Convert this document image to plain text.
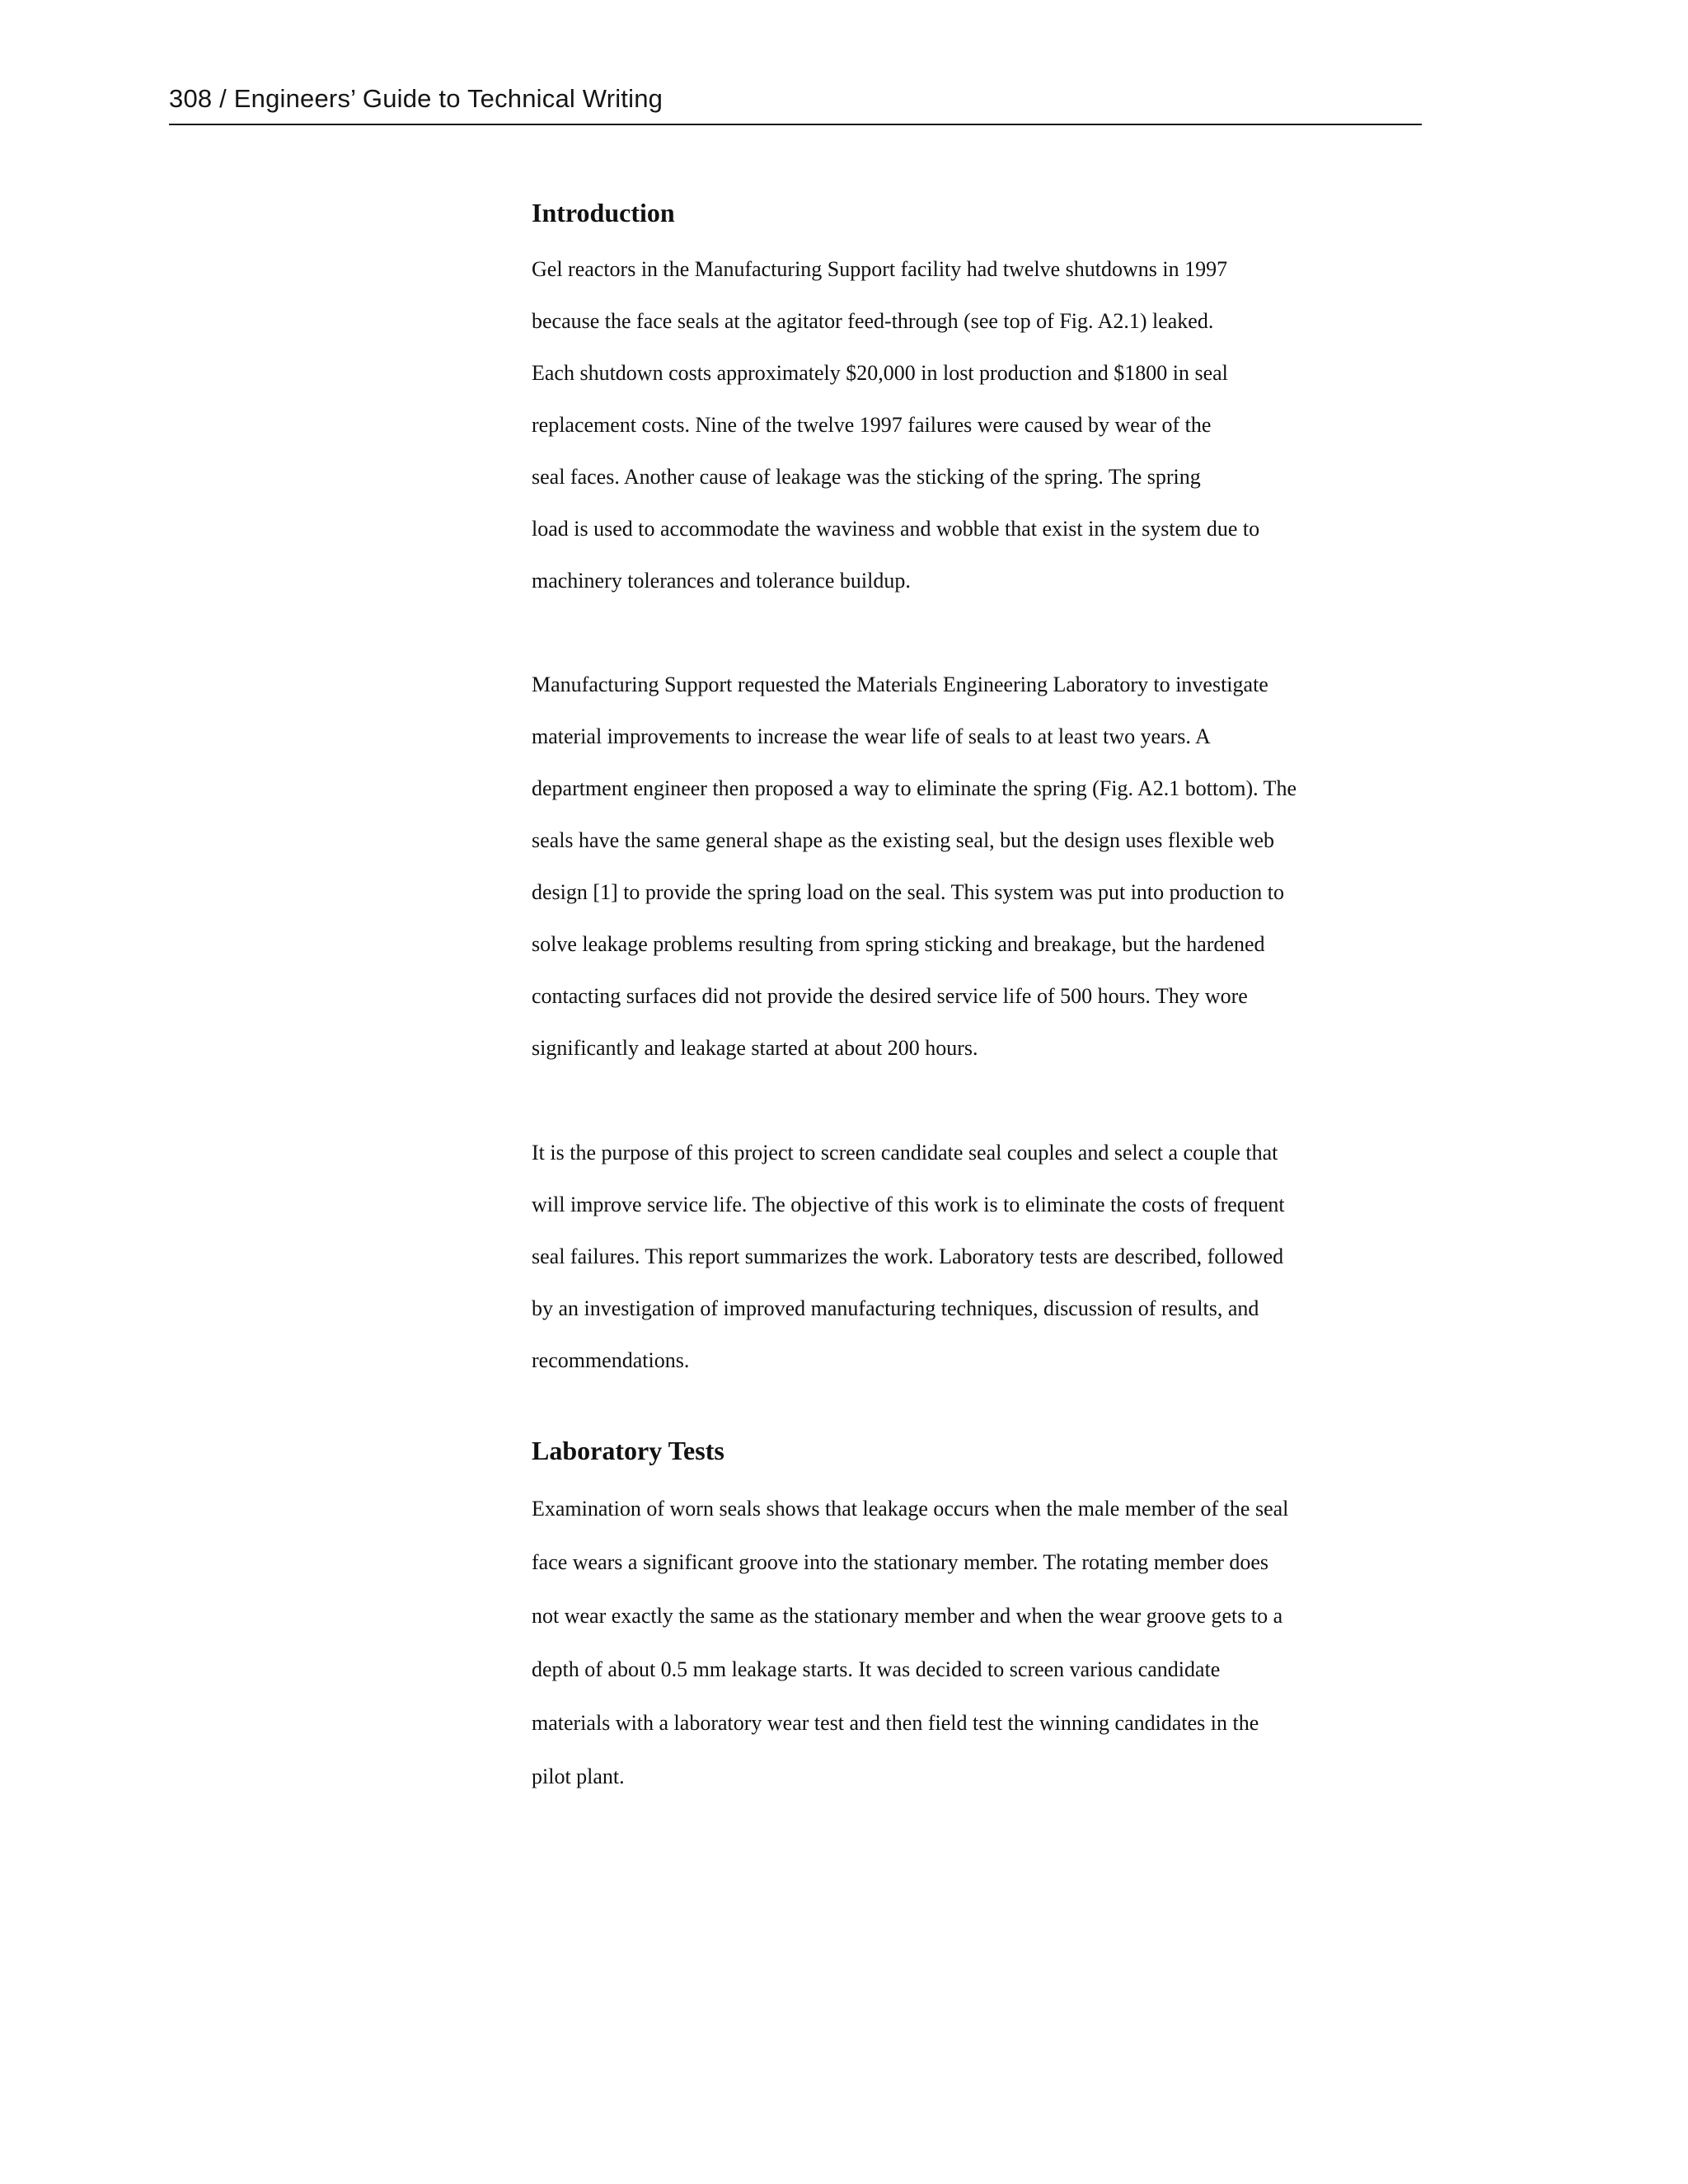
308 / Engineers’ Guide to Technical Writing
Introduction
Gel reactors in the Manufacturing Support facility had twelve shutdowns in 1997
because the face seals at the agitator feed-through (see top of Fig. A2.1) leaked.
Each shutdown costs approximately $20,000 in lost production and $1800 in seal
replacement costs. Nine of the twelve 1997 failures were caused by wear of the
seal faces. Another cause of leakage was the sticking of the spring. The spring
load is used to accommodate the waviness and wobble that exist in the system due to
machinery tolerances and tolerance buildup.
Manufacturing Support requested the Materials Engineering Laboratory to investigate
material improvements to increase the wear life of seals to at least two years. A
department engineer then proposed a way to eliminate the spring (Fig. A2.1 bottom). The
seals have the same general shape as the existing seal, but the design uses flexible web
design [1] to provide the spring load on the seal. This system was put into production to
solve leakage problems resulting from spring sticking and breakage, but the hardened
contacting surfaces did not provide the desired service life of 500 hours. They wore
significantly and leakage started at about 200 hours.
It is the purpose of this project to screen candidate seal couples and select a couple that
will improve service life. The objective of this work is to eliminate the costs of frequent
seal failures. This report summarizes the work. Laboratory tests are described, followed
by an investigation of improved manufacturing techniques, discussion of results, and
recommendations.
Laboratory Tests
Examination of worn seals shows that leakage occurs when the male member of the seal
face wears a significant groove into the stationary member. The rotating member does
not wear exactly the same as the stationary member and when the wear groove gets to a
depth of about 0.5 mm leakage starts. It was decided to screen various candidate
materials with a laboratory wear test and then field test the winning candidates in the
pilot plant.
